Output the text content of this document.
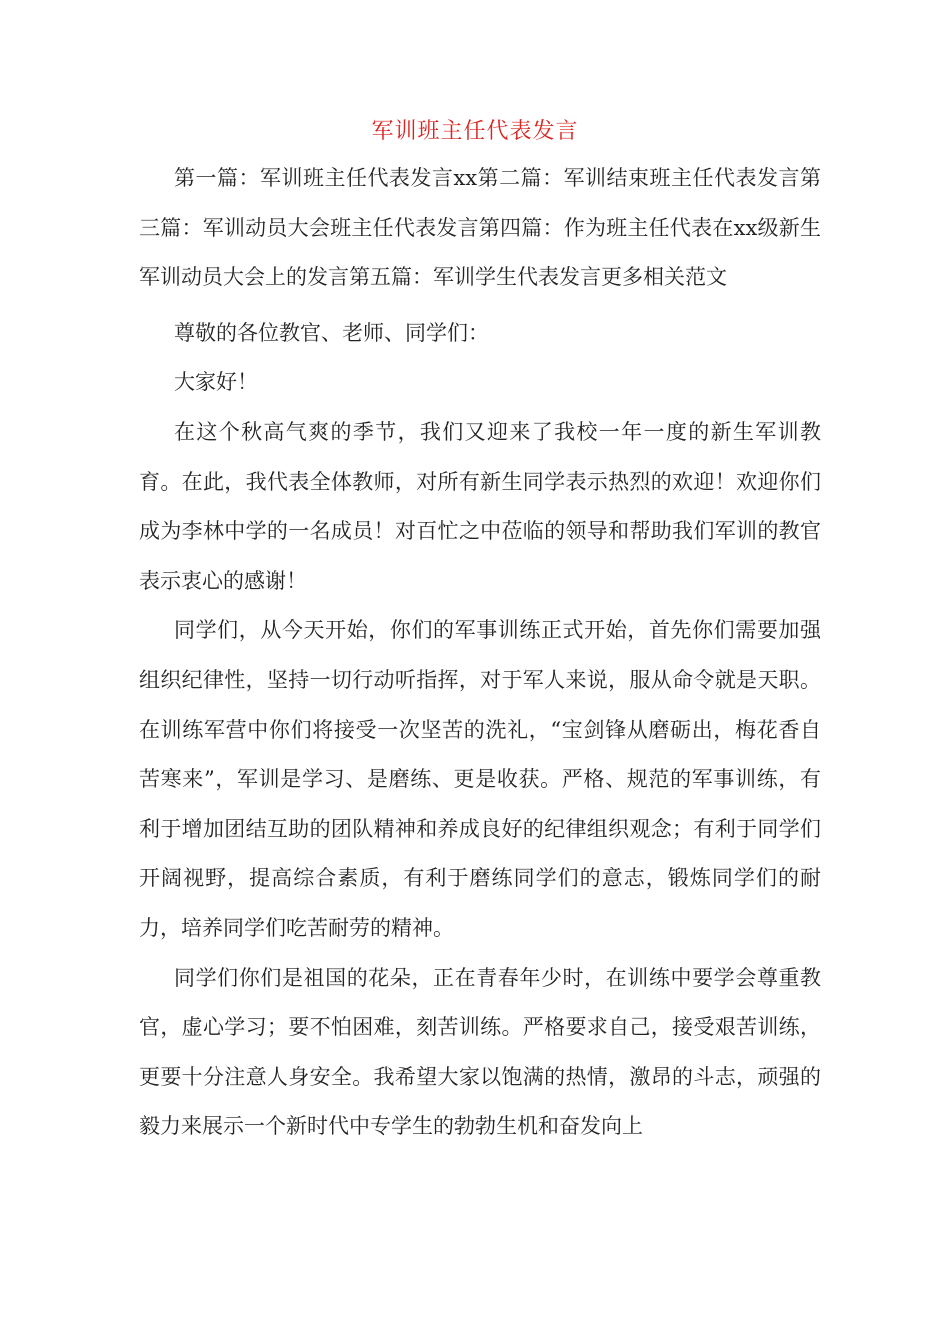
军训班主任代表发言

第一篇：军训班主任代表发言xx第二篇：军训结束班主任代表发言第三篇：军训动员大会班主任代表发言第四篇：作为班主任代表在xx级新生军训动员大会上的发言第五篇：军训学生代表发言更多相关范文

尊敬的各位教官、老师、同学们：

大家好！

在这个秋高气爽的季节，我们又迎来了我校一年一度的新生军训教育。在此，我代表全体教师，对所有新生同学表示热烈的欢迎！欢迎你们成为李林中学的一名成员！对百忙之中莅临的领导和帮助我们军训的教官表示衷心的感谢！

同学们，从今天开始，你们的军事训练正式开始，首先你们需要加强组织纪律性，坚持一切行动听指挥，对于军人来说，服从命令就是天职。在训练军营中你们将接受一次坚苦的洗礼，“宝剑锋从磨砺出，梅花香自苦寒来”，军训是学习、是磨练、更是收获。严格、规范的军事训练，有利于增加团结互助的团队精神和养成良好的纪律组织观念；有利于同学们开阔视野，提高综合素质，有利于磨练同学们的意志，锻炼同学们的耐力，培养同学们吃苦耐劳的精神。

同学们你们是祖国的花朵，正在青春年少时，在训练中要学会尊重教官，虚心学习；要不怕困难，刻苦训练。严格要求自己，接受艰苦训练，更要十分注意人身安全。我希望大家以饱满的热情，激昂的斗志，顽强的毅力来展示一个新时代中专学生的勃勃生机和奋发向上
